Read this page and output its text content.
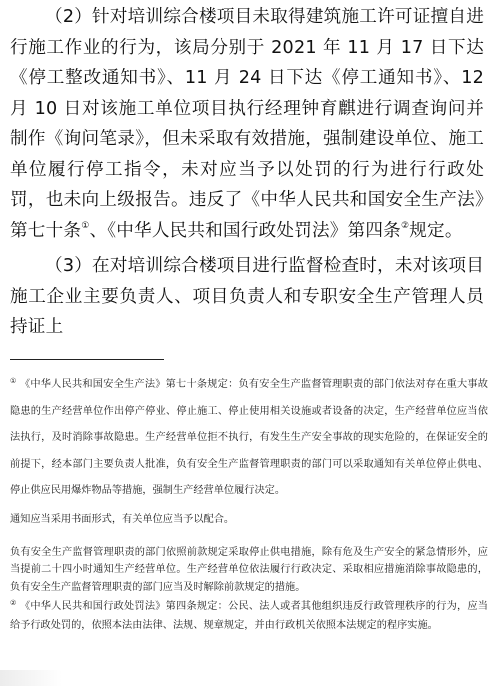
（2）针对培训综合楼项目未取得建筑施工许可证擅自进行施工作业的行为，该局分别于 2021 年 11 月 17 日下达《停工整改通知书》、11 月 24 日下达《停工通知书》、12 月 10 日对该施工单位项目执行经理钟育麒进行调查询问并制作《询问笔录》，但未采取有效措施，强制建设单位、施工单位履行停工指令，未对应当予以处罚的行为进行行政处罚，也未向上级报告。违反了《中华人民共和国安全生产法》第七十条①、《中华人民共和国行政处罚法》第四条②规定。

（3）在对培训综合楼项目进行监督检查时，未对该项目施工企业主要负责人、项目负责人和专职安全生产管理人员持证上

① 《中华人民共和国安全生产法》第七十条规定：负有安全生产监督管理职责的部门依法对存在重大事故隐患的生产经营单位作出停产停业、停止施工、停止使用相关设施或者设备的决定，生产经营单位应当依法执行，及时消除事故隐患。生产经营单位拒不执行，有发生生产安全事故的现实危险的，在保证安全的前提下，经本部门主要负责人批准，负有安全生产监督管理职责的部门可以采取通知有关单位停止供电、停止供应民用爆炸物品等措施，强制生产经营单位履行决定。

通知应当采用书面形式，有关单位应当予以配合。

负有安全生产监督管理职责的部门依照前款规定采取停止供电措施，除有危及生产安全的紧急情形外，应当提前二十四小时通知生产经营单位。生产经营单位依法履行行政决定、采取相应措施消除事故隐患的，负有安全生产监督管理职责的部门应当及时解除前款规定的措施。

② 《中华人民共和国行政处罚法》第四条规定：公民、法人或者其他组织违反行政管理秩序的行为，应当给予行政处罚的，依照本法由法律、法规、规章规定，并由行政机关依照本法规定的程序实施。
